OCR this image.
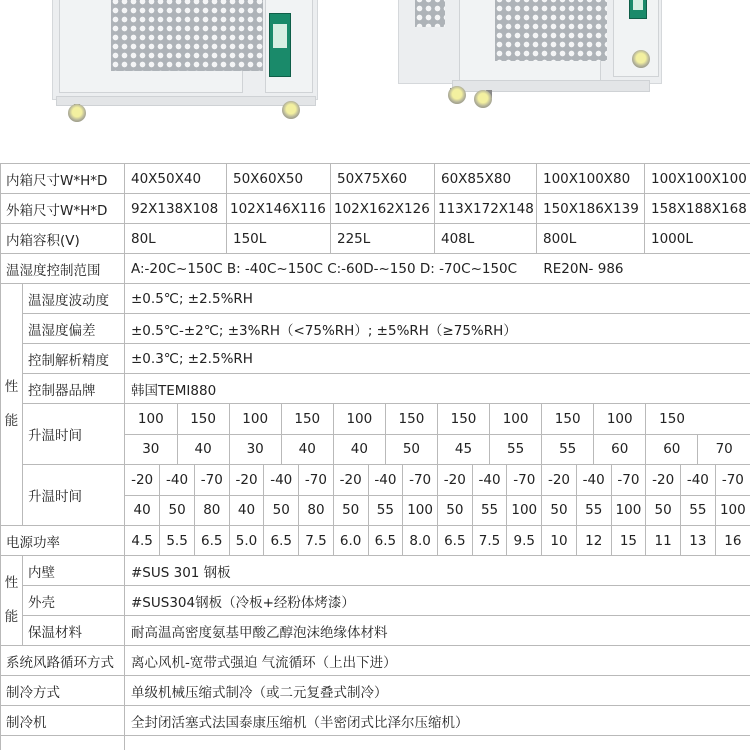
内箱尺寸W*H*D	40X50X40	50X60X50	50X75X60	60X85X80	100X100X80	100X100X100
外箱尺寸W*H*D	92X138X108	102X146X116	102X162X126	113X172X148	150X186X139	158X188X168
内箱容积(V)	80L	150L	225L	408L	800L	1000L
温湿度控制范围	A:-20C~150C B: -40C~150C C:-60D-~150 D: -70C~150C RE20N- 986
性

能	温湿度波动度	±0.5℃; ±2.5%RH
温湿度偏差	±0.5℃-±2℃; ±3%RH（<75%RH）; ±5%RH（≥75%RH）
控制解析精度	±0.3℃; ±2.5%RH
控制器品牌	韩国TEMI880
升温时间	
100	150	100	150	100	150	150	100	150	100	150
30	40	30	40	40	50	45	55	55	60	60	70

升温时间	
-20	-40	-70	-20	-40	-70	-20	-40	-70	-20	-40	-70	-20	-40	-70	-20	-40	-70
40	50	80	40	50	80	50	55	100	50	55	100	50	55	100	50	55	100

电源功率		4.5	5.5	6.5	5.0	6.5	7.5	6.0	6.5	8.0	6.5	7.5	9.5	10	12	15	11	13	16

性

能	内壁	#SUS 301 钢板
外壳	#SUS304钢板（冷板+经粉体烤漆）
保温材料	耐高温高密度氨基甲酸乙醇泡沫绝缘体材料
系统风路循环方式	离心风机-宽带式强迫 气流循环（上出下进）
制冷方式	单级机械压缩式制冷（或二元复叠式制冷）
制冷机	全封闭活塞式法国泰康压缩机（半密闭式比泽尔压缩机）
